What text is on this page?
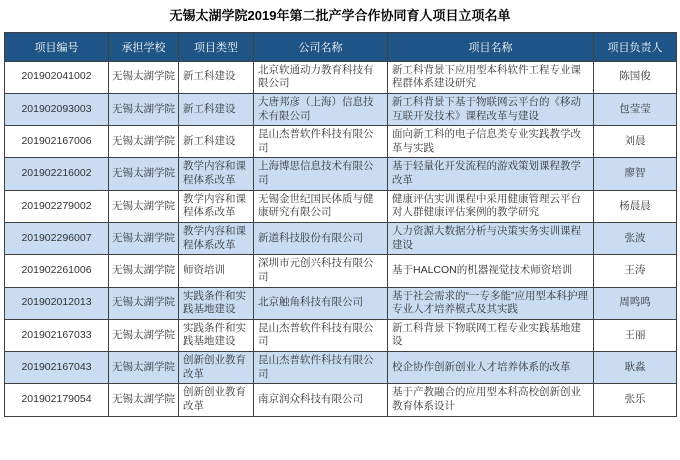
无锡太湖学院2019年第二批产学合作协同育人项目立项名单
项目编号	承担学校	项目类型	公司名称	项目名称	项目负责人
201902041002	无锡太湖学院	新工科建设	北京软通动力教育科技有限公司	新工科背景下应用型本科软件工程专业课程群体系建设研究	陈国俊
201902093003	无锡太湖学院	新工科建设	大唐邦彦（上海）信息技术有限公司	新工科背景下基于物联网云平台的《移动互联开发技术》课程改革与建设	包莹莹
201902167006	无锡太湖学院	新工科建设	昆山杰普软件科技有限公司	面向新工科的电子信息类专业实践教学改革与实践	刘晨
201902216002	无锡太湖学院	教学内容和课程体系改革	上海博思信息技术有限公司	基于轻量化开发流程的游戏策划课程教学改革	廖智
201902279002	无锡太湖学院	教学内容和课程体系改革	无锡金世纪国民体质与健康研究有限公司	健康评估实训课程中采用健康管理云平台对人群健康评估案例的教学研究	杨晨晨
201902296007	无锡太湖学院	教学内容和课程体系改革	新道科技股份有限公司	人力资源大数据分析与决策实务实训课程建设	张波
201902261006	无锡太湖学院	师资培训	深圳市元创兴科技有限公司	基于HALCON的机器视觉技术师资培训	王涛
201902012013	无锡太湖学院	实践条件和实践基地建设	北京触角科技有限公司	基于社会需求的“一专多能”应用型本科护理专业人才培养模式及其实践	周鸣鸣
201902167033	无锡太湖学院	实践条件和实践基地建设	昆山杰普软件科技有限公司	新工科背景下物联网工程专业实践基地建设	王丽
201902167043	无锡太湖学院	创新创业教育改革	昆山杰普软件科技有限公司	校企协作创新创业人才培养体系的改革	耿淼
201902179054	无锡太湖学院	创新创业教育改革	南京润众科技有限公司	基于产教融合的应用型本科高校创新创业教育体系设计	张乐
